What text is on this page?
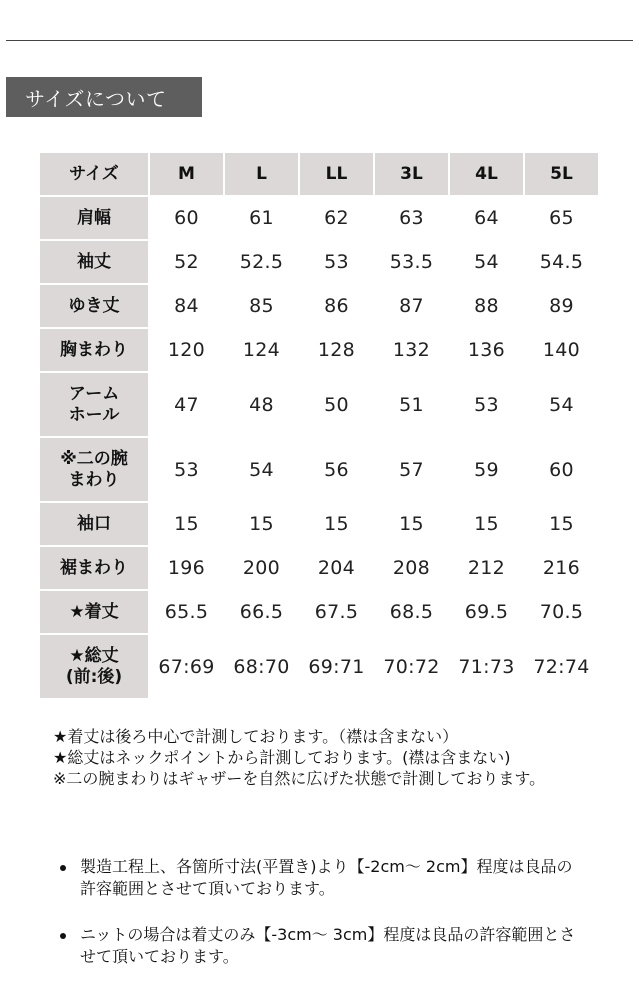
サイズについて
サイズ	M	L	LL	3L	4L	5L

肩幅	60	61	62	63	64	65

袖丈	52	52.5	53	53.5	54	54.5

ゆき丈	84	85	86	87	88	89

胸まわり	120	124	128	132	136	140

アーム
ホール	47	48	50	51	53	54

※二の腕
まわり	53	54	56	57	59	60

袖口	15	15	15	15	15	15

裾まわり	196	200	204	208	212	216

★着丈	65.5	66.5	67.5	68.5	69.5	70.5

★総丈
(前:後)	67:69	68:70	69:71	70:72	71:73	72:74
★着丈は後ろ中心で計測しております。（襟は含まない）
★総丈はネックポイントから計測しております。(襟は含まない)
※二の腕まわりはギャザーを自然に広げた状態で計測しております。
製造工程上、各箇所寸法(平置き)より【-2cm～ 2cm】程度は良品の許容範囲とさせて頂いております。
ニットの場合は着丈のみ【-3cm～ 3cm】程度は良品の許容範囲とさせて頂いております。
